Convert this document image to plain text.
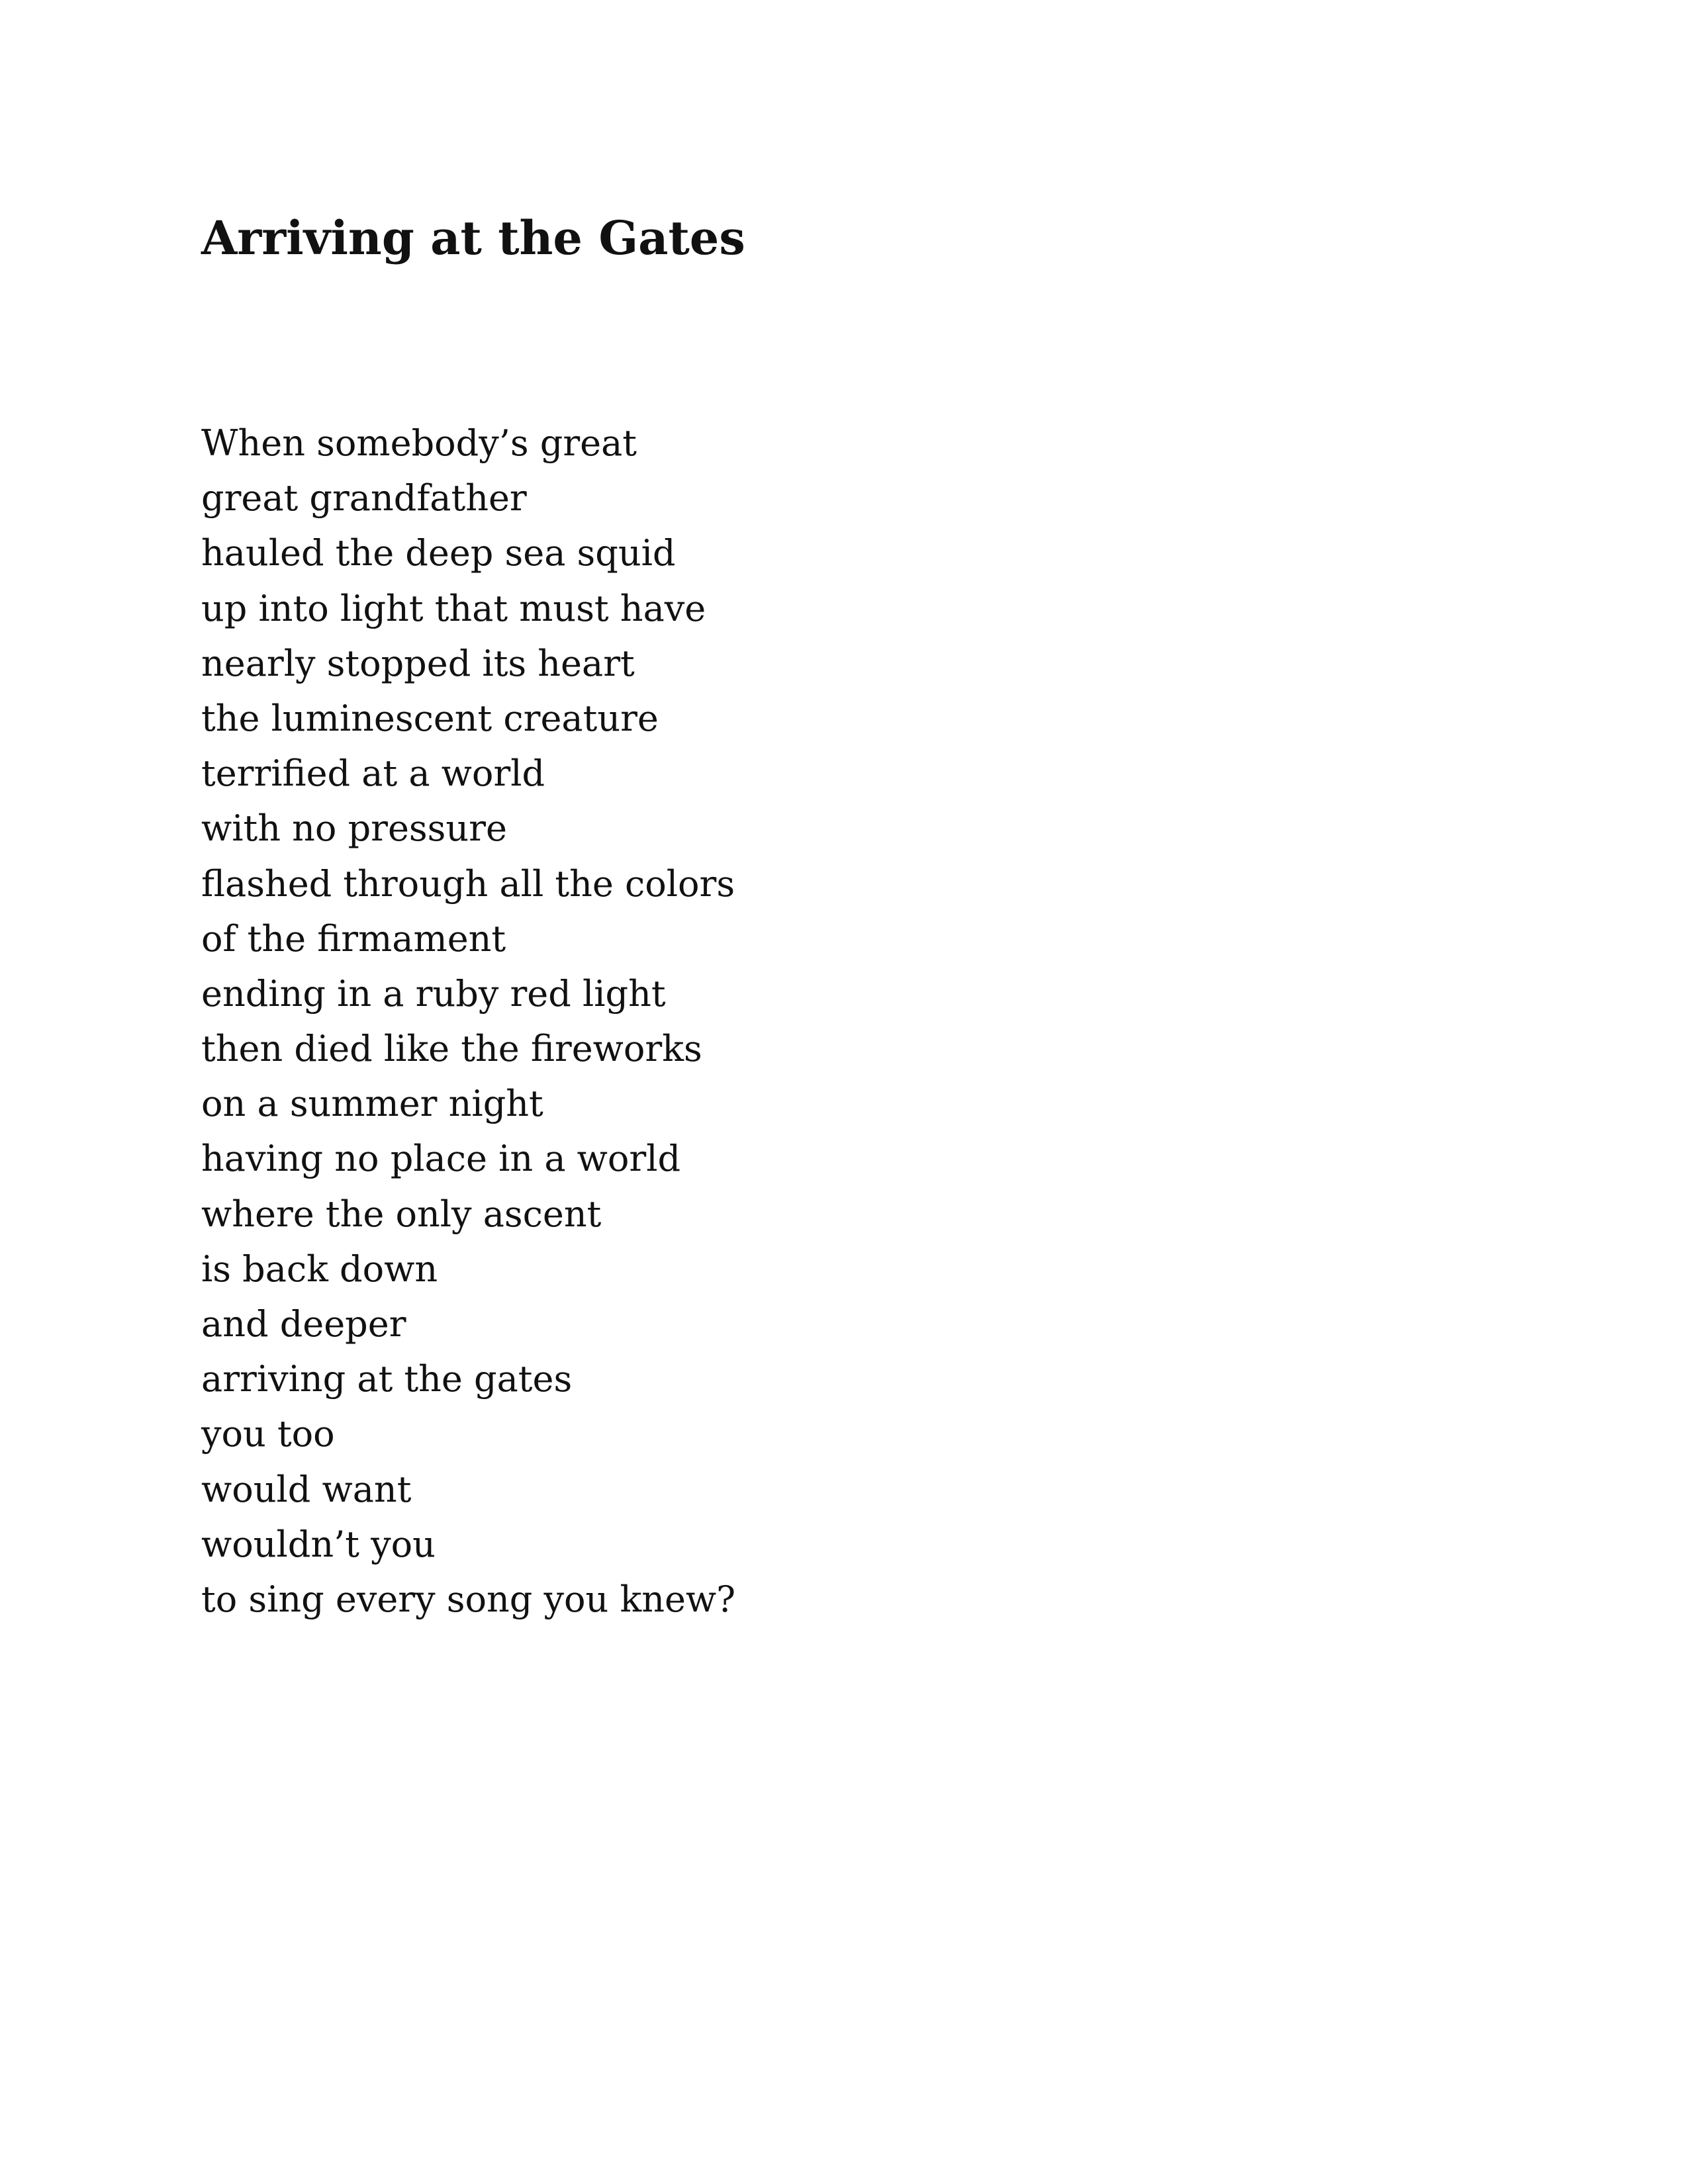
Arriving at the Gates
When somebody’s great
great grandfather
hauled the deep sea squid
up into light that must have
nearly stopped its heart
the luminescent creature
terrified at a world
with no pressure
flashed through all the colors
of the firmament
ending in a ruby red light
then died like the fireworks
on a summer night
having no place in a world
where the only ascent
is back down
and deeper
arriving at the gates
you too
would want
wouldn’t you
to sing every song you knew?
